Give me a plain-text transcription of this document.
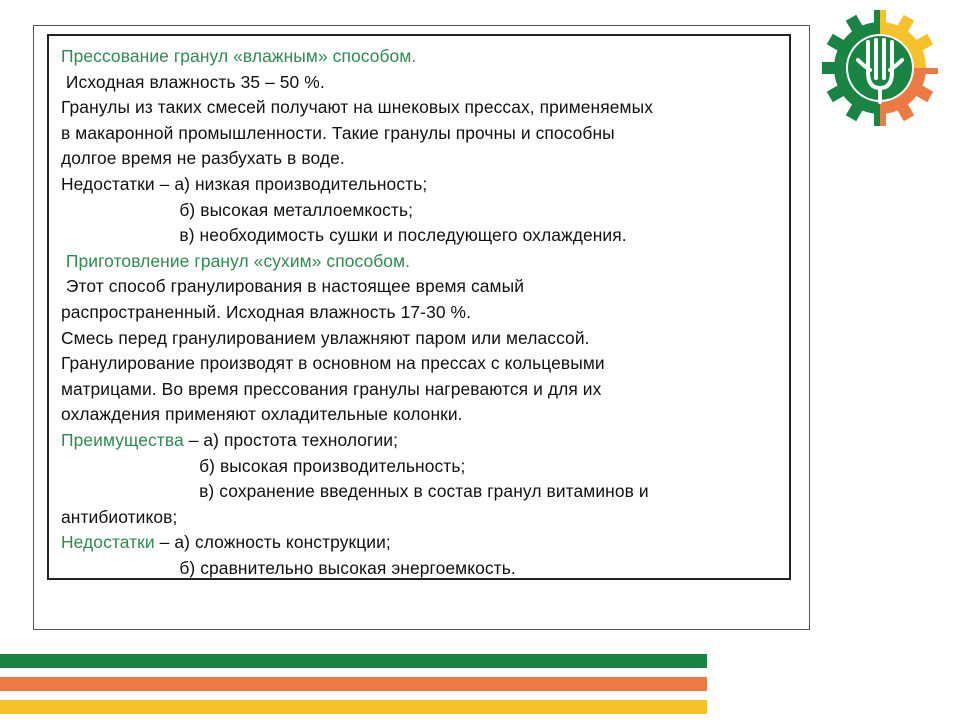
Прессование гранул «влажным» способом.

Исходная влажность 35 – 50 %.

Гранулы из таких смесей получают на шнековых прессах, применяемых

в макаронной промышленности. Такие гранулы прочны и способны

долгое время не разбухать в воде.

Недостатки – а) низкая производительность;

б) высокая металлоемкость;

в) необходимость сушки и последующего охлаждения.

Приготовление гранул «сухим» способом.

Этот способ гранулирования в настоящее время самый

распространенный. Исходная влажность 17-30 %.

Смесь перед гранулированием увлажняют паром или мелассой.

Гранулирование производят в основном на прессах с кольцевыми

матрицами. Во время прессования гранулы нагреваются и для их

охлаждения применяют охладительные колонки.

Преимущества – а) простота технологии;

б) высокая производительность;

в) сохранение введенных в состав гранул витаминов и

антибиотиков;

Недостатки – а) сложность конструкции;

б) сравнительно высокая энергоемкость.
